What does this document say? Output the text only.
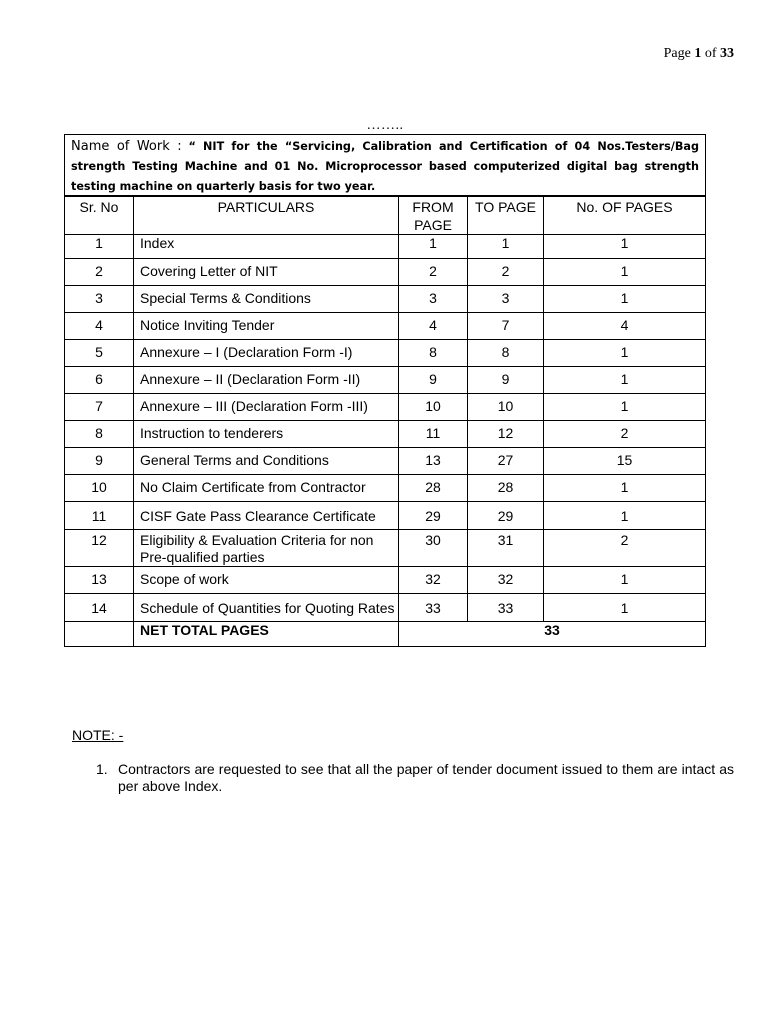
Page 1 of 33
……..
Name of Work : “ NIT for the “Servicing, Calibration and Certification of 04 Nos.Testers/Bag strength Testing Machine and 01 No. Microprocessor based computerized digital bag strength testing machine on quarterly basis for two year.
Sr. No	PARTICULARS	FROM PAGE	TO PAGE	No. OF PAGES
1	Index	1	1	1
2	Covering Letter of NIT	2	2	1
3	Special Terms & Conditions	3	3	1
4	Notice Inviting Tender	4	7	4
5	Annexure – I (Declaration Form -I)	8	8	1
6	Annexure – II (Declaration Form -II)	9	9	1
7	Annexure – III (Declaration Form -III)	10	10	1
8	Instruction to tenderers	11	12	2
9	General Terms and Conditions	13	27	15
10	No Claim Certificate from Contractor	28	28	1
11	CISF Gate Pass Clearance Certificate	29	29	1
12	Eligibility & Evaluation Criteria for non Pre-qualified parties	30	31	2
13	Scope of work	32	32	1
14	Schedule of Quantities for Quoting Rates	33	33	1
	NET TOTAL PAGES	33		
NOTE: -
1. Contractors are requested to see that all the paper of tender document issued to them are intact as per above Index.
